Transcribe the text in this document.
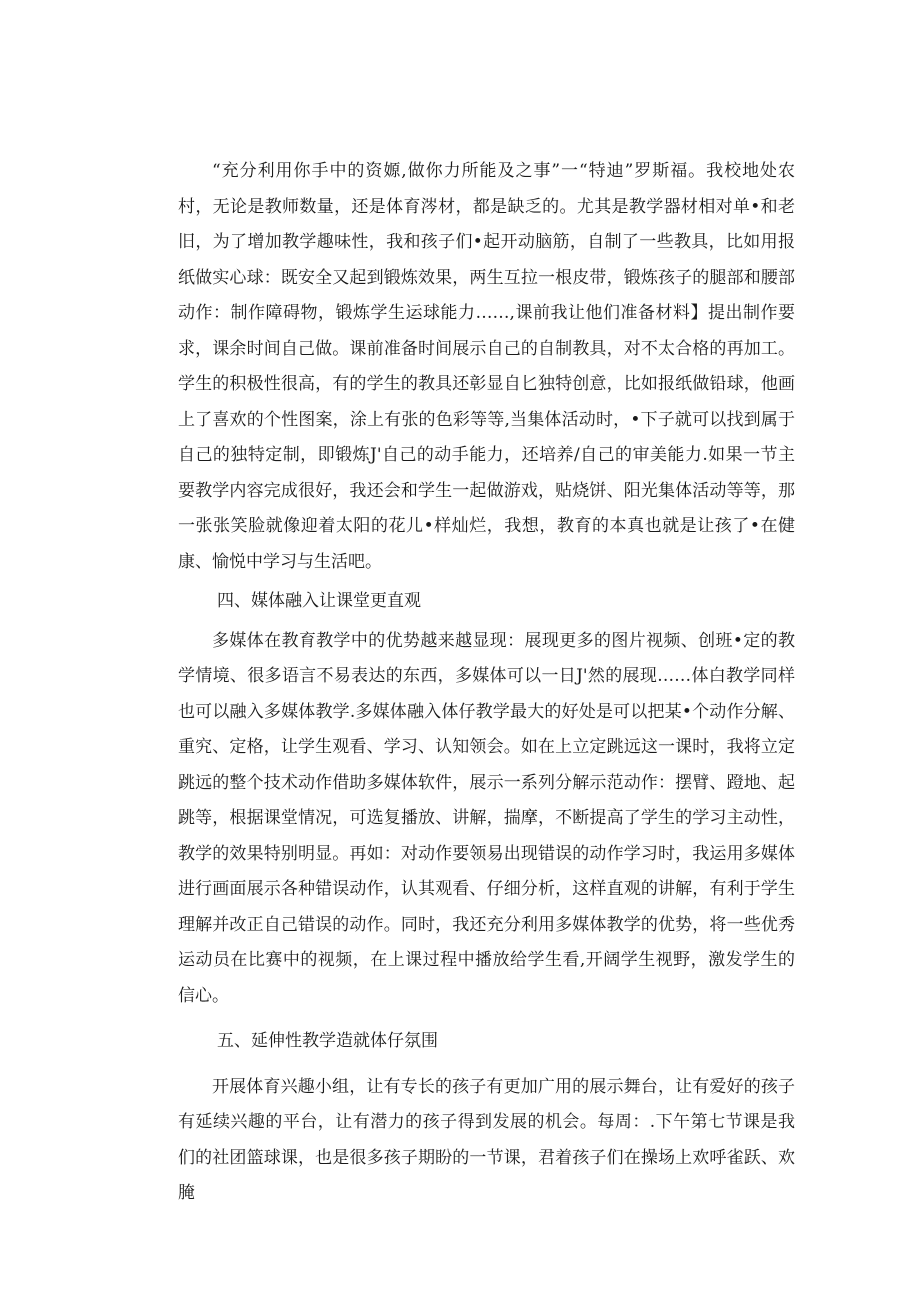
“充分利用你手中的资嫄,做你力所能及之事”一“特迪”罗斯福。我校地处农村，无论是教师数量，还是体育涔材，都是缺乏的。尤其是教学器材相对单•和老旧，为了增加教学趣味性，我和孩子们•起开动脑筋，自制了一些教具，比如用报纸做实心球：既安全又起到锻炼效果，两生互拉一根皮带，锻炼孩子的腿部和腰部动作：制作障碍物，锻炼学生运球能力……,课前我让他们准备材料】提出制作要求，课余时间自己做。课前准备时间展示自己的自制教具，对不太合格的再加工。学生的积极性很高，有的学生的教具还彰显自匕独特创意，比如报纸做铅球，他画上了喜欢的个性图案，涂上有张的色彩等等,当集体活动时，•下子就可以找到属于自己的独特定制，即锻炼J'自己的动手能力，还培养/自己的审美能力.如果一节主要教学内容完成很好，我还会和学生一起做游戏，贴烧饼、阳光集体活动等等，那一张张笑脸就像迎着太阳的花儿•样灿烂，我想，教育的本真也就是让孩了•在健康、愉悦中学习与生活吧。

四、媒体融入让课堂更直观

多媒体在教育教学中的优势越来越显现：展现更多的图片视频、创班•定的教学情境、很多语言不易表达的东西，多媒体可以一日J'然的展现……体白教学同样也可以融入多媒体教学.多媒体融入体仔教学最大的好处是可以把某•个动作分解、重究、定格，让学生观看、学习、认知领会。如在上立定跳远这一课时，我将立定跳远的整个技术动作借助多媒体软件，展示一系列分解示范动作：摆臂、蹬地、起跳等，根据课堂情况，可选复播放、讲解，揣摩，不断提高了学生的学习主动性，教学的效果特别明显。再如：对动作要领易出现错误的动作学习时，我运用多媒体进行画面展示各种错误动作，认其观看、仔细分析，这样直观的讲解，有利于学生理解并改正自己错误的动作。同时，我还充分利用多媒体教学的优势，将一些优秀运动员在比赛中的视频，在上课过程中播放给学生看,开阔学生视野，激发学生的信心。

五、延伸性教学造就体仔氛围

开展体育兴趣小组，让有专长的孩子有更加广用的展示舞台，让有爱好的孩子有延续兴趣的平台，让有潜力的孩子得到发展的机会。每周：.下午第七节课是我们的社团篮球课，也是很多孩子期盼的一节课，君着孩子们在操场上欢呼雀跃、欢腌
